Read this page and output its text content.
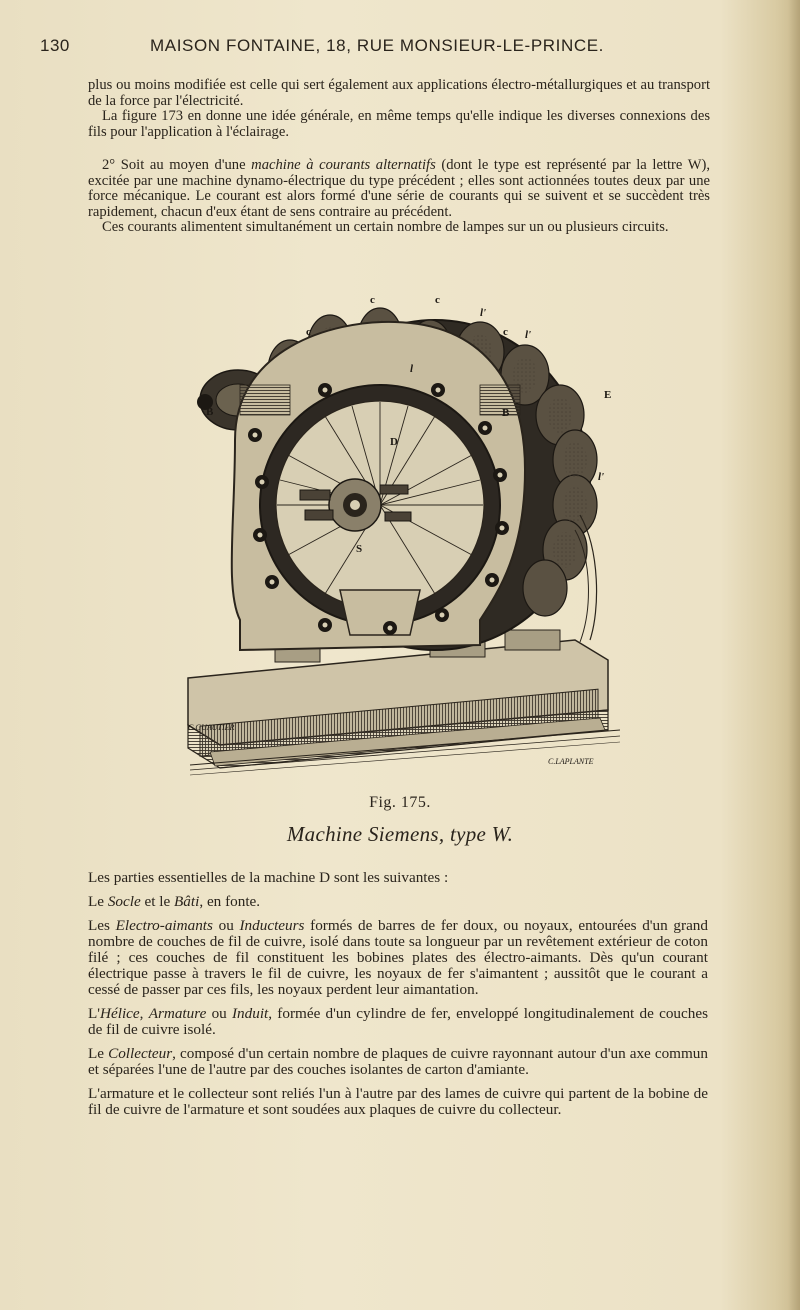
130	MAISON FONTAINE, 18, RUE MONSIEUR-LE-PRINCE.

plus ou moins modifiée est celle qui sert également aux applications électro-métallurgiques et au transport de la force par l'électricité.

La figure 173 en donne une idée générale, en même temps qu'elle indique les diverses connexions des fils pour l'application à l'éclairage.

2° Soit au moyen d'une machine à courants alternatifs (dont le type est représenté par la lettre W), excitée par une machine dynamo-électrique du type précédent ; elles sont actionnées toutes deux par une force mécanique. Le courant est alors formé d'une série de courants qui se suivent et se succèdent très rapidement, chacun d'eux étant de sens contraire au précédent.

Ces courants alimentent simultanément un certain nombre de lampes sur un ou plusieurs circuits.

c	c
c	c
l'
l'
l
l'
B	B
D
S
E
C.GUAUTIER
C.LAPLANTE
Fig. 175.
Machine Siemens, type W.

Les parties essentielles de la machine D sont les suivantes :

Le Socle et le Bâti, en fonte.

Les Electro-aimants ou Inducteurs formés de barres de fer doux, ou noyaux, entourées d'un grand nombre de couches de fil de cuivre, isolé dans toute sa longueur par un revêtement extérieur de coton filé ; ces couches de fil constituent les bobines plates des électro-aimants. Dès qu'un courant électrique passe à travers le fil de cuivre, les noyaux de fer s'aimantent ; aussitôt que le courant a cessé de passer par ces fils, les noyaux perdent leur aimantation.

L'Hélice, Armature ou Induit, formée d'un cylindre de fer, enveloppé longitudinalement de couches de fil de cuivre isolé.

Le Collecteur, composé d'un certain nombre de plaques de cuivre rayonnant autour d'un axe commun et séparées l'une de l'autre par des couches isolantes de carton d'amiante.

L'armature et le collecteur sont reliés l'un à l'autre par des lames de cuivre qui partent de la bobine de fil de cuivre de l'armature et sont soudées aux plaques de cuivre du collecteur.
